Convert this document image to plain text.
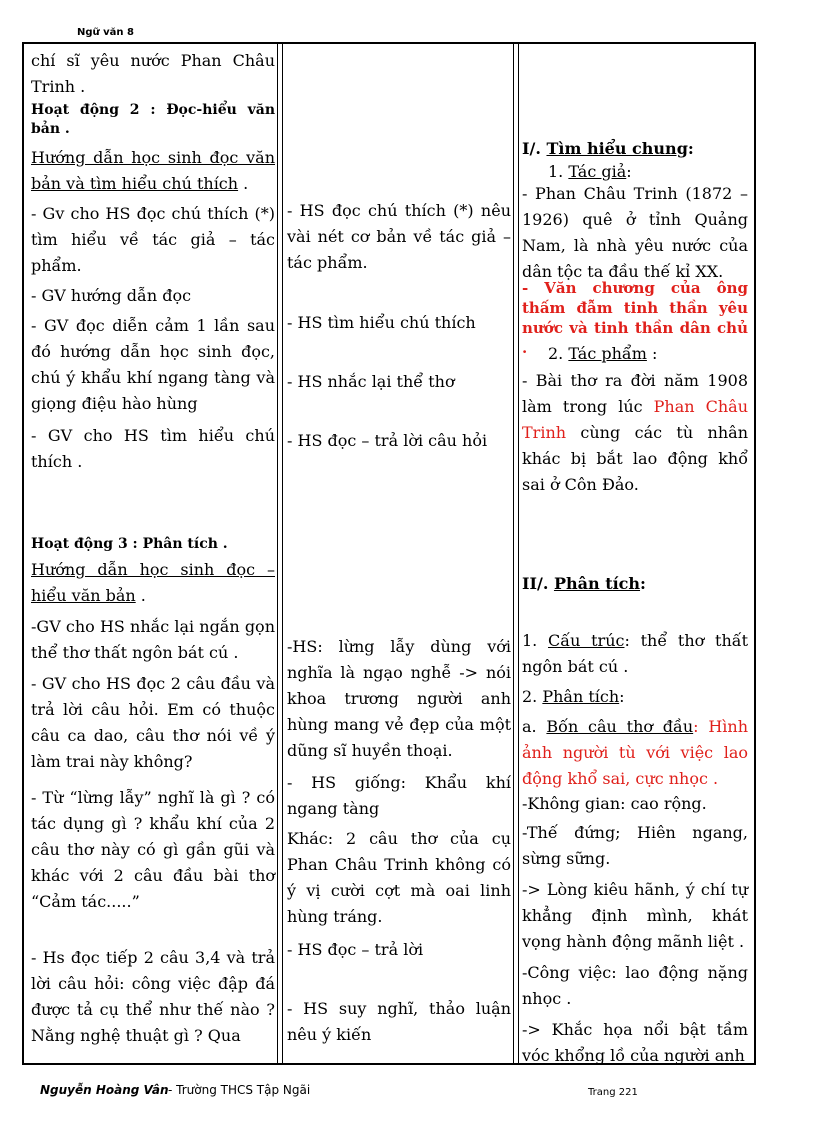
Ngữ văn 8

chí sĩ yêu nước Phan Châu Trinh .

Hoạt động 2 : Đọc-hiểu văn bản .

Hướng dẫn học sinh đọc văn bản và tìm hiểu chú thích .

- Gv cho HS đọc chú thích (*) tìm hiểu về tác giả – tác phẩm.

- GV hướng dẫn đọc

- GV đọc diễn cảm 1 lần sau đó hướng dẫn học sinh đọc, chú ý khẩu khí ngang tàng và giọng điệu hào hùng

- GV cho HS tìm hiểu chú thích .

Hoạt động 3 : Phân tích .

Hướng dẫn học sinh đọc – hiểu văn bản .

-GV cho HS nhắc lại ngắn gọn thể thơ thất ngôn bát cú .

- GV cho HS đọc 2 câu đầu và trả lời câu hỏi. Em có thuộc câu ca dao, câu thơ nói về ý làm trai này không?

- Từ “lừng lẫy” nghĩ là gì ? có tác dụng gì ? khẩu khí của 2 câu thơ này có gì gần gũi và khác với 2 câu đầu bài thơ “Cảm tác.....”

- Hs đọc tiếp 2 câu 3,4 và trả lời câu hỏi: công việc đập đá được tả cụ thể như thế nào ? Nằng nghệ thuật gì ? Qua

- HS đọc chú thích (*) nêu vài nét cơ bản về tác giả – tác phẩm.

- HS tìm hiểu chú thích

- HS nhắc lại thể thơ

- HS đọc – trả lời câu hỏi

-HS: lừng lẫy dùng với nghĩa là ngạo nghễ -> nói khoa trương người anh hùng mang vẻ đẹp của một dũng sĩ huyền thoại.

- HS giống: Khẩu khí ngang tàng

Khác: 2 câu thơ của cụ Phan Châu Trinh không có ý vị cười cợt mà oai linh hùng tráng.

- HS đọc – trả lời

- HS suy nghĩ, thảo luận nêu ý kiến

I/. Tìm hiểu chung:

1. Tác giả:

- Phan Châu Trinh (1872 – 1926) quê ở tỉnh Quảng Nam, là nhà yêu nước của dân tộc ta đầu thế kỉ XX.

- Văn chương của ông thấm đẫm tinh thần yêu nước và tinh thần dân chủ .	2. Tác phẩm :

- Bài thơ ra đời năm 1908 làm trong lúc Phan Châu Trinh cùng các tù nhân khác bị bắt lao động khổ sai ở Côn Đảo.

II/. Phân tích:

1. Cấu trúc: thể thơ thất ngôn bát cú .

2. Phân tích:

a. Bốn câu thơ đầu: Hình ảnh người tù với việc lao động khổ sai, cực nhọc .

-Không gian: cao rộng.

-Thế đứng; Hiên ngang, sừng sững.

-> Lòng kiêu hãnh, ý chí tự khẳng định mình, khát vọng hành động mãnh liệt .

-Công việc: lao động nặng nhọc .

-> Khắc họa nổi bật tầm vóc khổng lồ của người anh

Nguyễn Hoàng Vân - Trường THCS Tập Ngãi	Trang 221
